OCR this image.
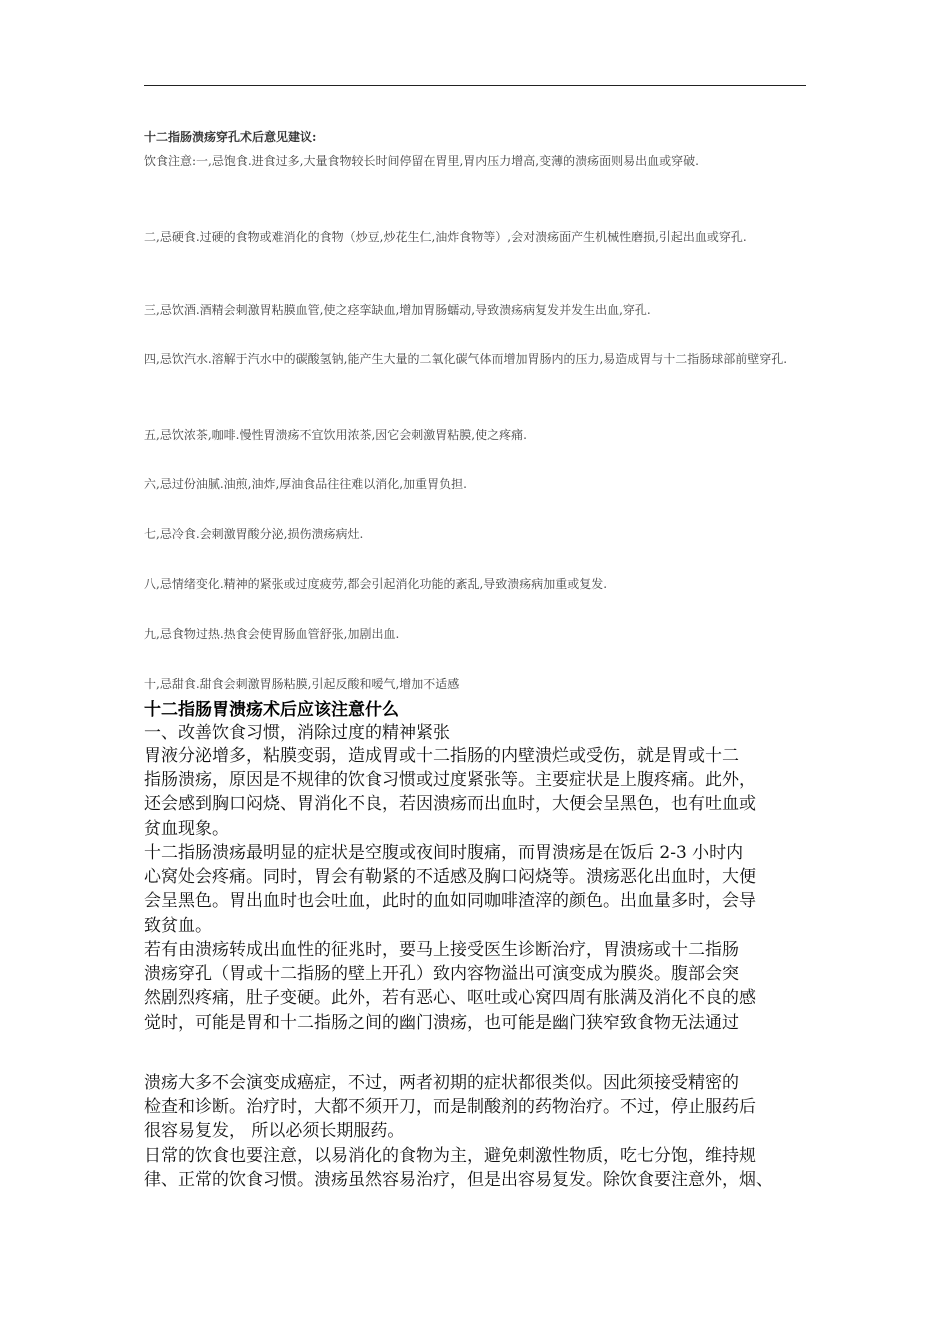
十二指肠溃疡穿孔术后意见建议:
饮食注意:一,忌饱食.进食过多,大量食物较长时间停留在胃里,胃内压力增高,变薄的溃疡面则易出血或穿破.
二,忌硬食.过硬的食物或难消化的食物（炒豆,炒花生仁,油炸食物等）,会对溃疡面产生机械性磨损,引起出血或穿孔.
三,忌饮酒.酒精会刺激胃粘膜血管,使之痉挛缺血,增加胃肠蠕动,导致溃疡病复发并发生出血,穿孔.
四,忌饮汽水.溶解于汽水中的碳酸氢钠,能产生大量的二氧化碳气体而增加胃肠内的压力,易造成胃与十二指肠球部前壁穿孔.
五,忌饮浓茶,咖啡.慢性胃溃疡不宜饮用浓茶,因它会刺激胃粘膜,使之疼痛.
六,忌过份油腻.油煎,油炸,厚油食品往往难以消化,加重胃负担.
七,忌冷食.会刺激胃酸分泌,损伤溃疡病灶.
八,忌情绪变化.精神的紧张或过度疲劳,都会引起消化功能的紊乱,导致溃疡病加重或复发.
九,忌食物过热.热食会使胃肠血管舒张,加剧出血.
十,忌甜食.甜食会刺激胃肠粘膜,引起反酸和嗳气,增加不适感
十二指肠胃溃疡术后应该注意什么
一、改善饮食习惯，消除过度的精神紧张
胃液分泌增多，粘膜变弱，造成胃或十二指肠的内壁溃烂或受伤，就是胃或十二
指肠溃疡，原因是不规律的饮食习惯或过度紧张等。主要症状是上腹疼痛。此外，
还会感到胸口闷烧、胃消化不良，若因溃疡而出血时，大便会呈黑色，也有吐血或
贫血现象。
十二指肠溃疡最明显的症状是空腹或夜间时腹痛，而胃溃疡是在饭后 2-3 小时内
心窝处会疼痛。同时，胃会有勒紧的不适感及胸口闷烧等。溃疡恶化出血时，大便
会呈黑色。胃出血时也会吐血，此时的血如同咖啡渣滓的颜色。出血量多时，会导
致贫血。
若有由溃疡转成出血性的征兆时，要马上接受医生诊断治疗，胃溃疡或十二指肠
溃疡穿孔（胃或十二指肠的壁上开孔）致内容物溢出可演变成为膜炎。腹部会突
然剧烈疼痛，肚子变硬。此外，若有恶心、呕吐或心窝四周有胀满及消化不良的感
觉时，可能是胃和十二指肠之间的幽门溃疡，也可能是幽门狭窄致食物无法通过
溃疡大多不会演变成癌症，不过，两者初期的症状都很类似。因此须接受精密的
检查和诊断。治疗时，大都不须开刀，而是制酸剂的药物治疗。不过，停止服药后
很容易复发， 所以必须长期服药。
日常的饮食也要注意，以易消化的食物为主，避免刺激性物质，吃七分饱，维持规
律、正常的饮食习惯。溃疡虽然容易治疗，但是出容易复发。除饮食要注意外，烟、
